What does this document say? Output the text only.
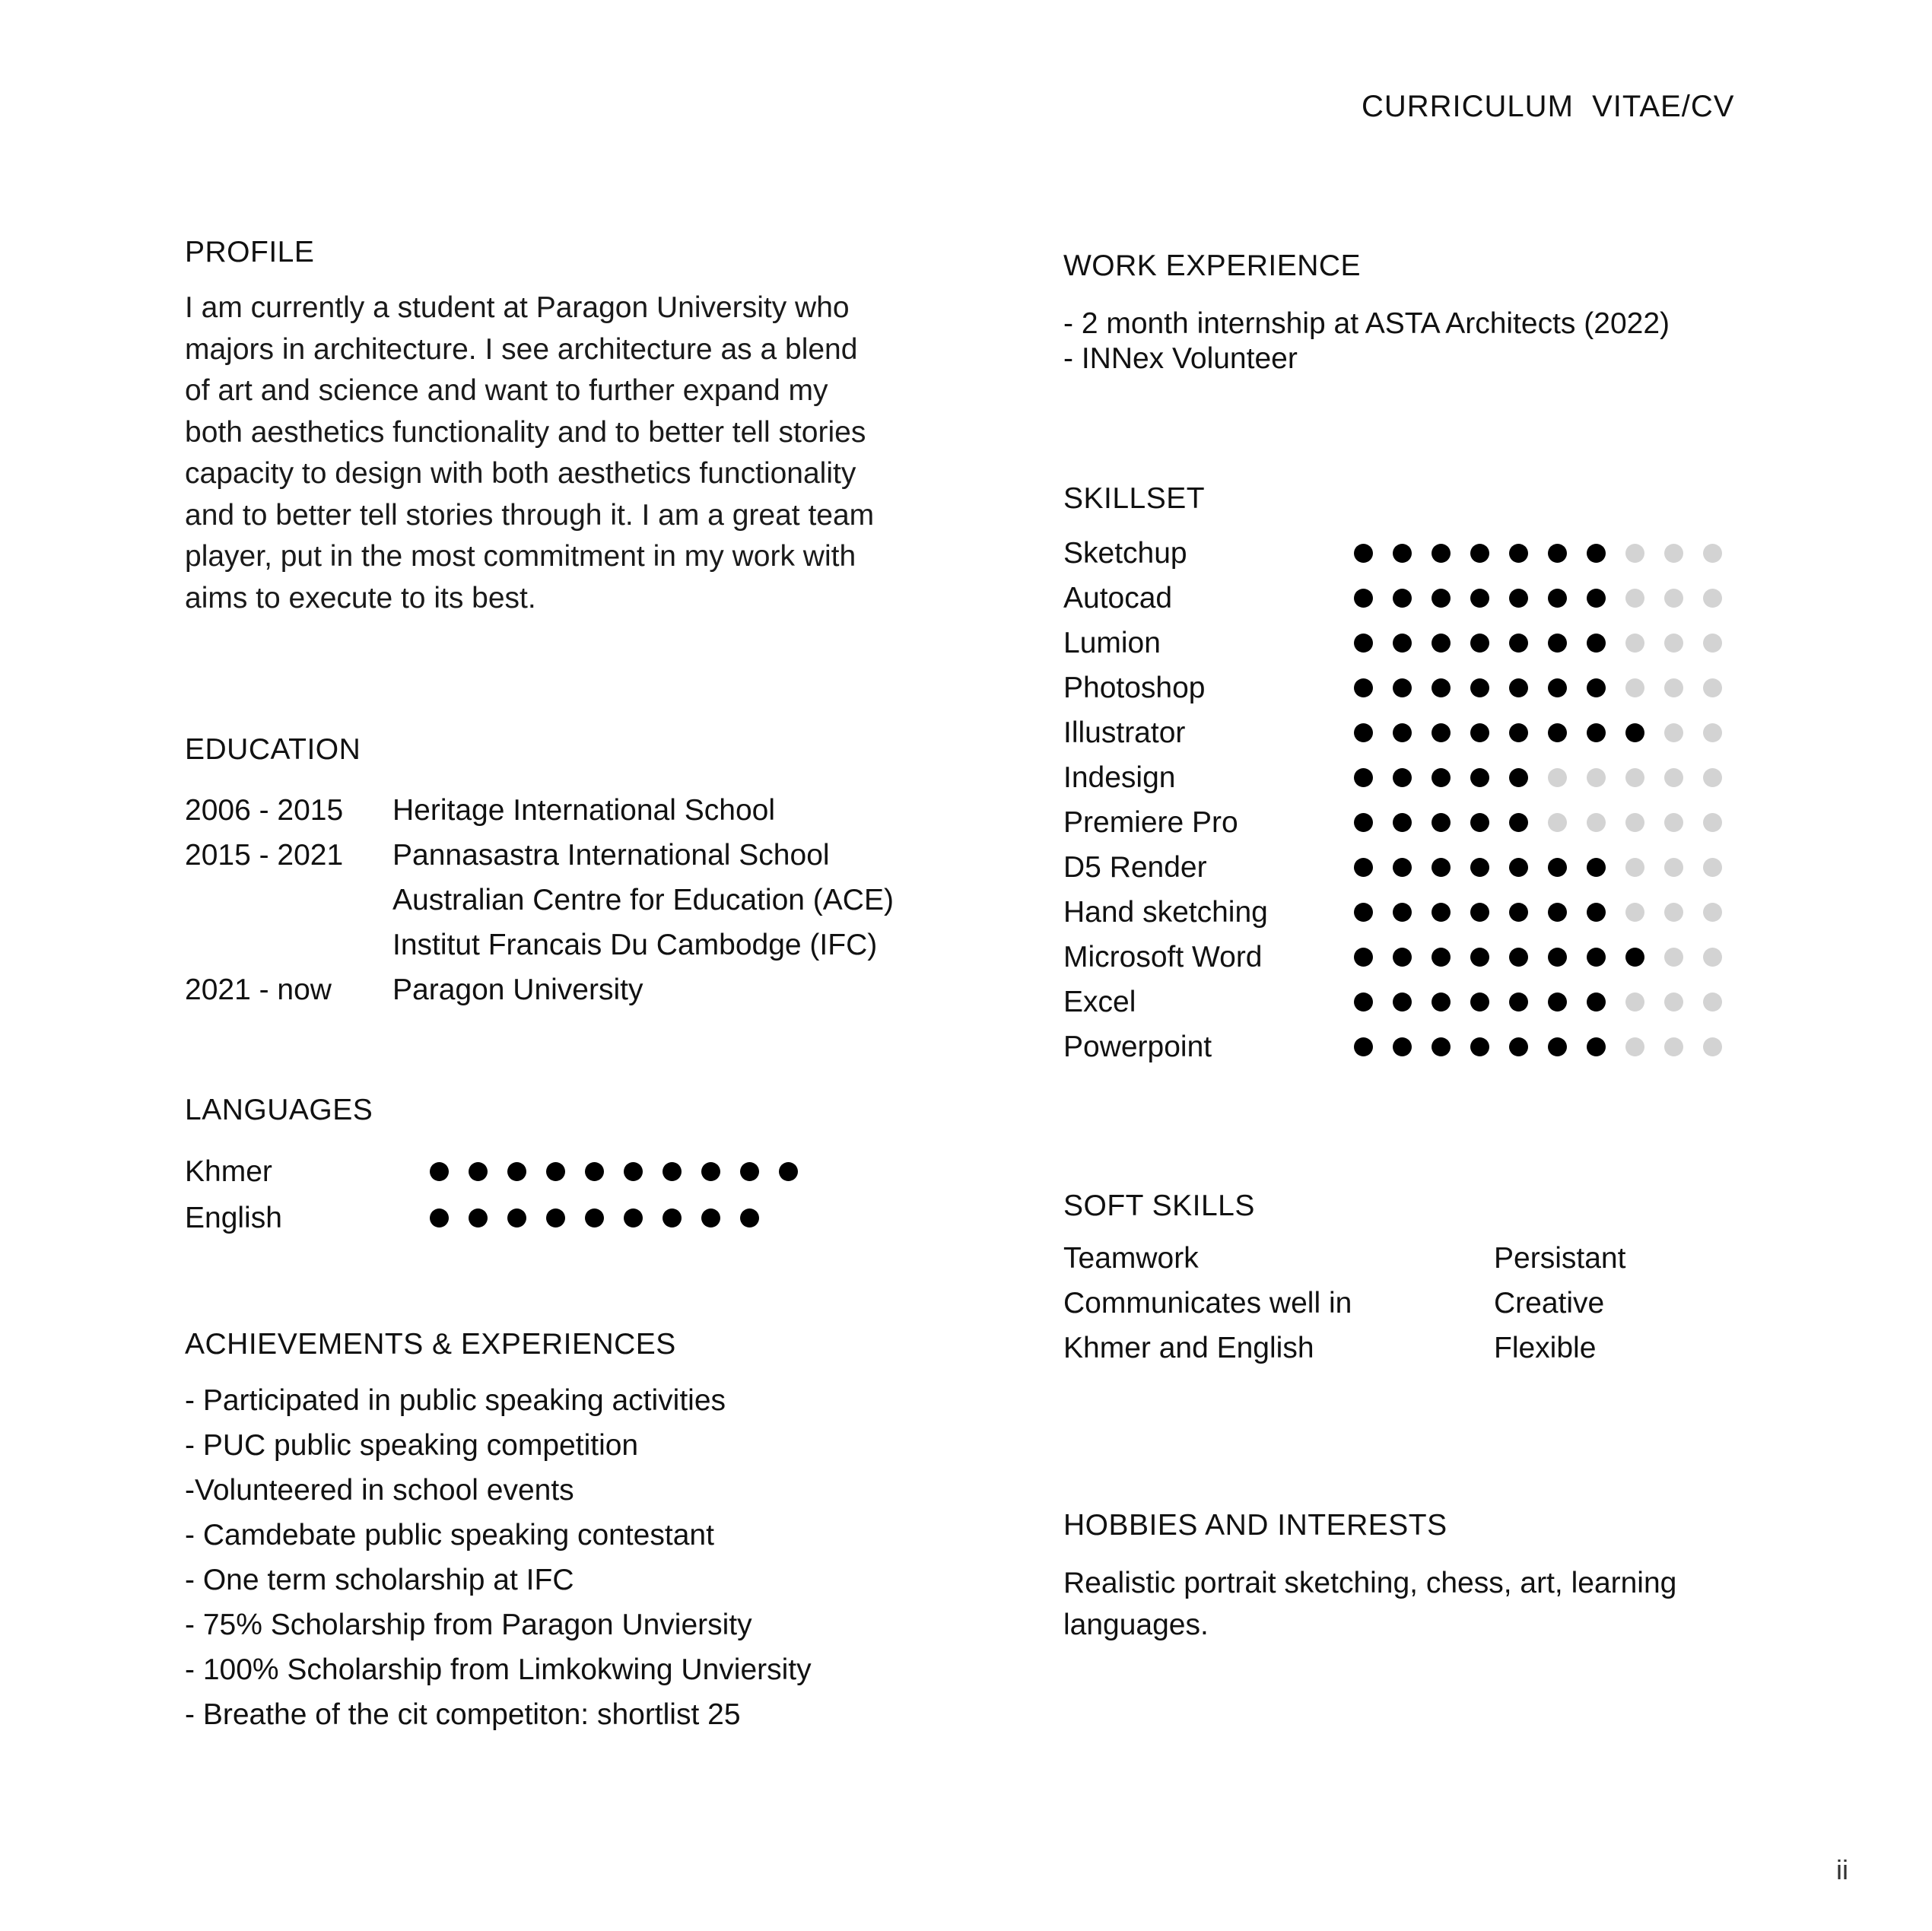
CURRICULUM  VITAE/CV
PROFILE
I am currently a student at Paragon University who
majors in architecture. I see architecture as a blend
of art and science and want to further expand my
both aesthetics functionality and to better tell stories
capacity to design with both aesthetics functionality
and to better tell stories through it. I am a great team
player, put in the most commitment in my work with
aims to execute to its best.
EDUCATION
2006 - 2015	Heritage International School
2015 - 2021	Pannasastra International School
Australian Centre for Education (ACE)
Institut Francais Du Cambodge (IFC)
2021 - now	Paragon University
LANGUAGES
Khmer
English
ACHIEVEMENTS & EXPERIENCES
- Participated in public speaking activities
- PUC public speaking competition
-Volunteered in school events
- Camdebate public speaking contestant
- One term scholarship at IFC
- 75% Scholarship from Paragon Unviersity
- 100% Scholarship from Limkokwing Unviersity
- Breathe of the cit competiton: shortlist 25
WORK EXPERIENCE
- 2 month internship at ASTA Architects (2022)
- INNex Volunteer
SKILLSET
Sketchup
Autocad
Lumion
Photoshop
Illustrator
Indesign
Premiere Pro
D5 Render
Hand sketching
Microsoft Word
Excel
Powerpoint
SOFT SKILLS
Teamwork	Persistant
Communicates well in	Creative
Khmer and English	Flexible
HOBBIES AND INTERESTS
Realistic portrait sketching, chess, art, learning
languages.
ii
